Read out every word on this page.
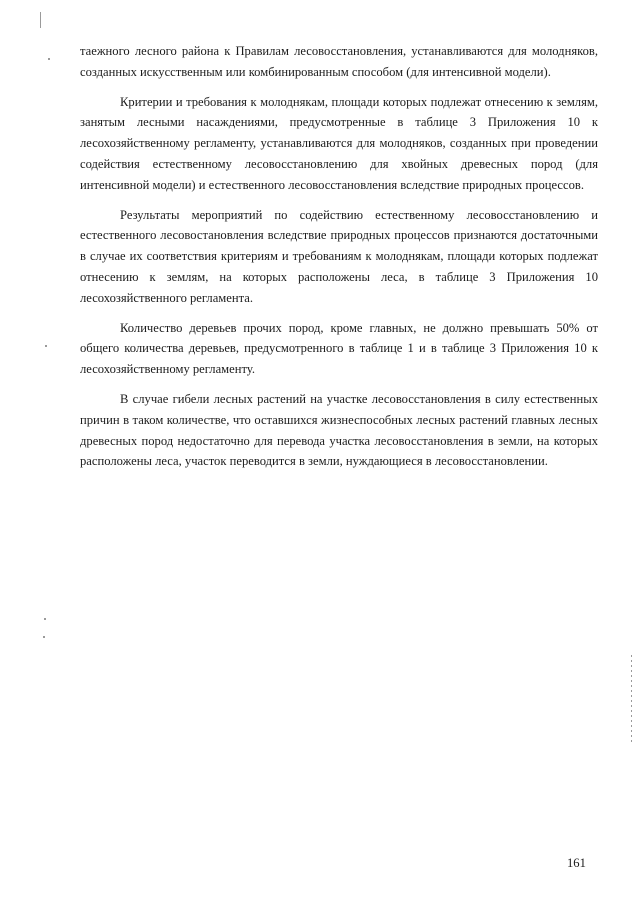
таежного лесного района к Правилам лесовосстановления, устанавливаются для молодняков, созданных искусственным или комбинированным способом (для интенсивной модели).

Критерии и требования к молоднякам, площади которых подлежат отнесению к землям, занятым лесными насаждениями, предусмотренные в таблице 3 Приложения 10 к лесохозяйственному регламенту, устанавливаются для молодняков, созданных при проведении содействия естественному лесовосстановлению для хвойных древесных пород (для интенсивной модели) и естественного лесовосстановления вследствие природных процессов.

Результаты мероприятий по содействию естественному лесовосстановлению и естественного лесовостановления вследствие природных процессов признаются достаточными в случае их соответствия критериям и требованиям к молоднякам, площади которых подлежат отнесению к землям, на которых расположены леса, в таблице 3 Приложения 10 лесохозяйственного регламента.

Количество деревьев прочих пород, кроме главных, не должно превышать 50% от общего количества деревьев, предусмотренного в таблице 1 и в таблице 3 Приложения 10 к лесохозяйственному регламенту.

В случае гибели лесных растений на участке лесовосстановления в силу естественных причин в таком количестве, что оставшихся жизнеспособных лесных растений главных лесных древесных пород недостаточно для перевода участка лесовосстановления в земли, на которых расположены леса, участок переводится в земли, нуждающиеся в лесовосстановлении.

161
